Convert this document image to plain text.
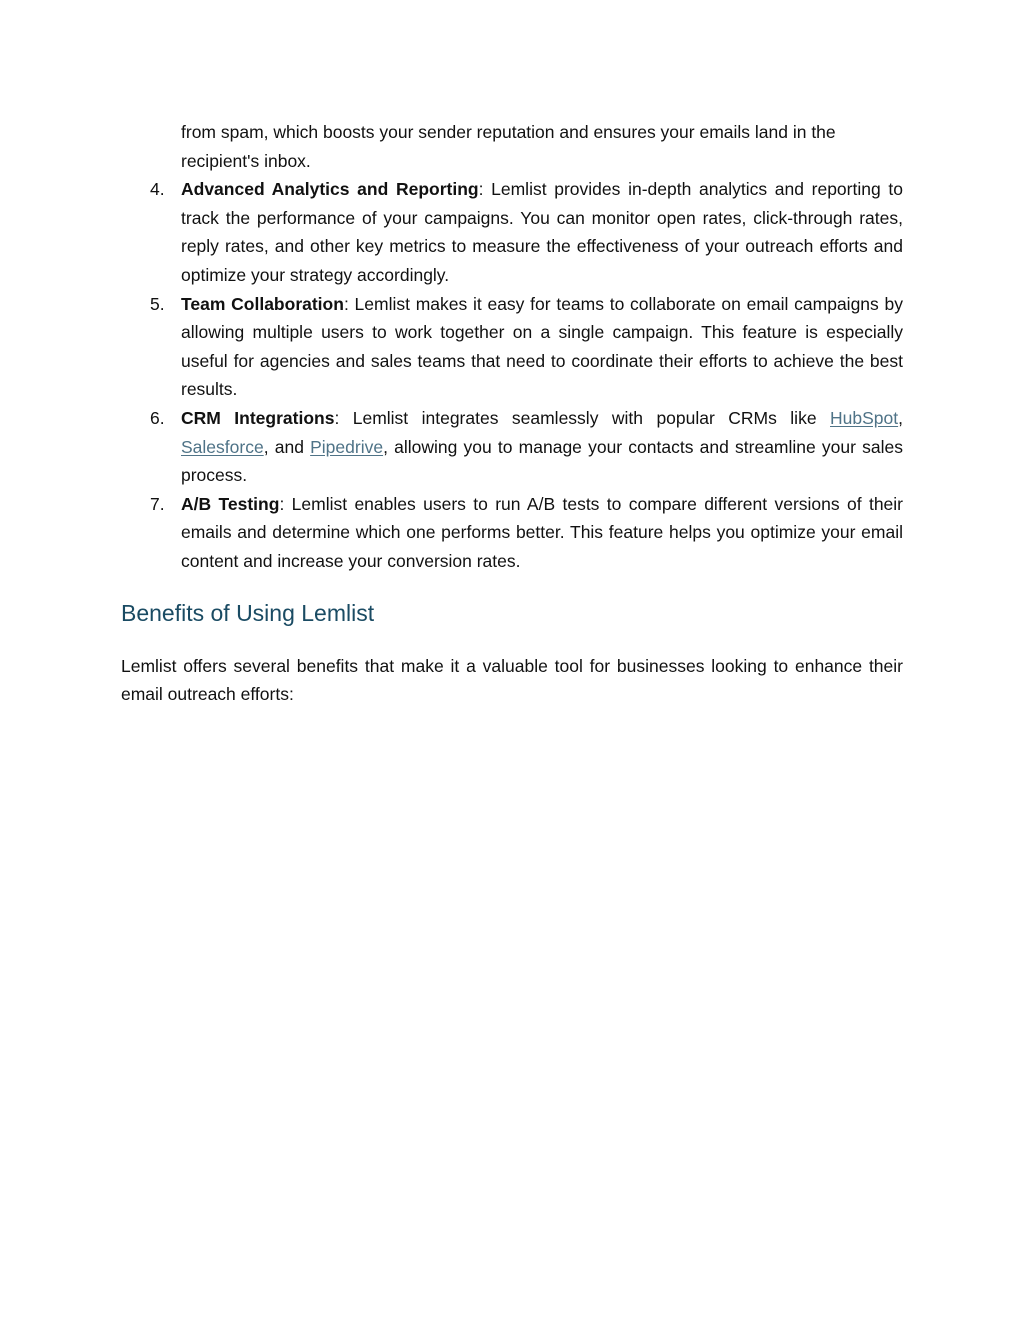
from spam, which boosts your sender reputation and ensures your emails land in the recipient's inbox.

4. Advanced Analytics and Reporting: Lemlist provides in-depth analytics and reporting to track the performance of your campaigns. You can monitor open rates, click-through rates, reply rates, and other key metrics to measure the effectiveness of your outreach efforts and optimize your strategy accordingly.
5. Team Collaboration: Lemlist makes it easy for teams to collaborate on email campaigns by allowing multiple users to work together on a single campaign. This feature is especially useful for agencies and sales teams that need to coordinate their efforts to achieve the best results.
6. CRM Integrations: Lemlist integrates seamlessly with popular CRMs like HubSpot, Salesforce, and Pipedrive, allowing you to manage your contacts and streamline your sales process.
7. A/B Testing: Lemlist enables users to run A/B tests to compare different versions of their emails and determine which one performs better. This feature helps you optimize your email content and increase your conversion rates.
Benefits of Using Lemlist

Lemlist offers several benefits that make it a valuable tool for businesses looking to enhance their email outreach efforts:
